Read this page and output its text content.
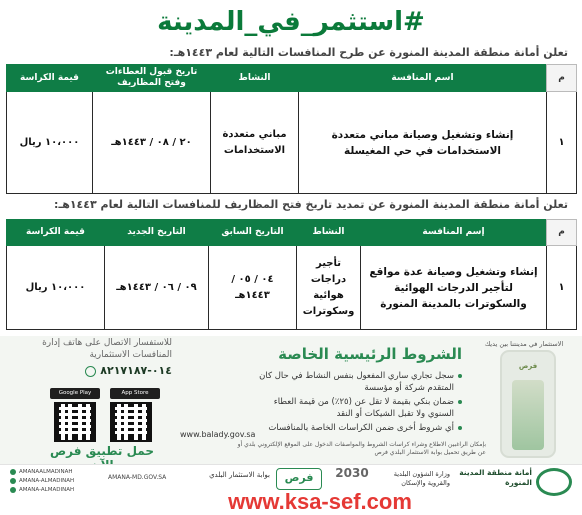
#استثمر_في_المدينة
تعلن أمانة منطقة المدينة المنورة عن طرح المنافسات التالية لعام ١٤٤٣هـ:
م	اسم المنافسة	النشاط	تاريخ قبول العطاءات وفتح المظاريف	قيمة الكراسة
١	إنشاء وتشغيل وصيانة مباني متعددة الاستخدامات في حي المغيسلة	مباني متعددة الاستخدامات	٢٠ / ٠٨ / ١٤٤٣هـ	١٠،٠٠٠ ريال
تعلن أمانة منطقة المدينة المنورة عن تمديد تاريخ فتح المظاريف للمنافسات التالية لعام ١٤٤٣هـ:
م	إسم المنافسة	النشاط	التاريخ السابق	التاريخ الجديد	قيمة الكراسة
١	إنشاء وتشغيل وصيانة عدة مواقع لتأجير الدرجات الهوائية والسكوترات بالمدينة المنورة	تأجير دراجات هوائية وسكوترات	٠٤ / ٠٥ / ١٤٤٣هـ	٠٩ / ٠٦ / ١٤٤٣هـ	١٠،٠٠٠ ريال
الاستثمار في مدينتنا بين يديك
فرص
الشروط الرئيسية الخاصة
سجل تجاري ساري المفعول بنفس النشاط في حال كان المتقدم شركة أو مؤسسة
ضمان بنكي بقيمة لا تقل عن (٢٥٪) من قيمة العطاء السنوي ولا تقبل الشيكات أو النقد
أي شروط أخرى ضمن الكراسات الخاصة بالمنافسات
www.balady.gov.sa
بإمكان الراغبين الاطلاع وشراء كراسات الشروط والمواصفات الدخول على الموقع الإلكتروني بلدي أو عن طريق تحميل بوابة الاستثمار البلدي فرص
للاستفسار الاتصال على هاتف إدارة المنافسات الاستثمارية
٠١٤-٨٢١٧١٨٧
Google Play	App Store
حمل تطبيق فرص
AMANAALMADINAH
AMANA-ALMADINAH
AMANA-ALMADINAH
AMANA-MD.GOV.SA	بوابة الاستثمار البلدي	فرص	2030	وزارة الشؤون البلدية والقروية والإسكان
أمانة منطقة المدينة المنورة
www.ksa-sef.com
